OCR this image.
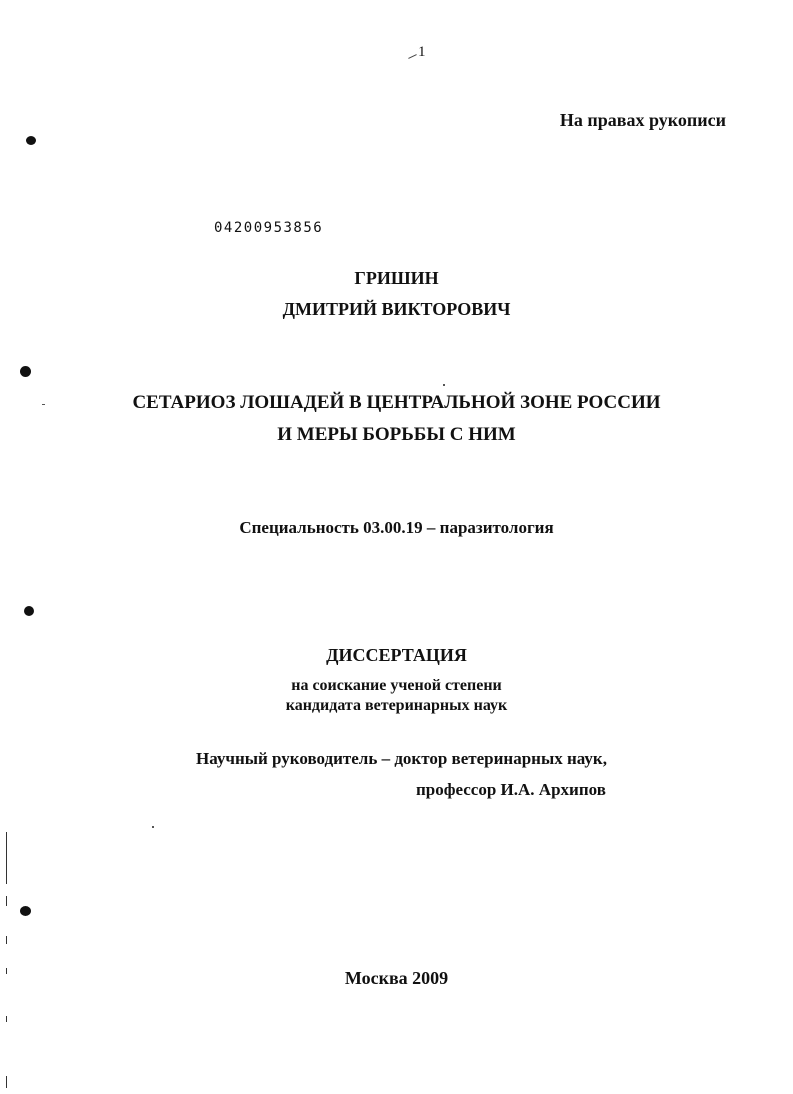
1
На правах рукописи
04200953856
ГРИШИН
ДМИТРИЙ ВИКТОРОВИЧ
СЕТАРИОЗ ЛОШАДЕЙ В ЦЕНТРАЛЬНОЙ ЗОНЕ РОССИИ
И МЕРЫ БОРЬБЫ С НИМ
Специальность 03.00.19 – паразитология
ДИССЕРТАЦИЯ
на соискание ученой степени
кандидата ветеринарных наук
Научный руководитель – доктор ветеринарных наук,
профессор И.А. Архипов
Москва 2009
